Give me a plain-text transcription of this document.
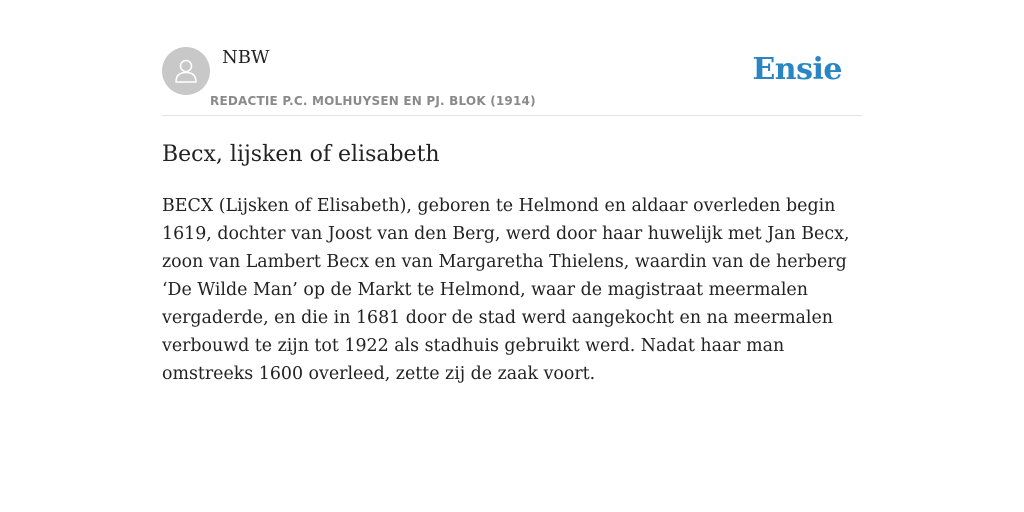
NBW
REDACTIE P.C. MOLHUYSEN EN PJ. BLOK (1914)
Ensie
Becx, lijsken of elisabeth

BECX (Lijsken of Elisabeth), geboren te Helmond en aldaar overleden begin 1619, dochter van Joost van den Berg, werd door haar huwelijk met Jan Becx, zoon van Lambert Becx en van Margaretha Thielens, waardin van de herberg ‘De Wilde Man’ op de Markt te Helmond, waar de magistraat meermalen vergaderde, en die in 1681 door de stad werd aangekocht en na meermalen verbouwd te zijn tot 1922 als stadhuis gebruikt werd. Nadat haar man omstreeks 1600 overleed, zette zij de zaak voort.
